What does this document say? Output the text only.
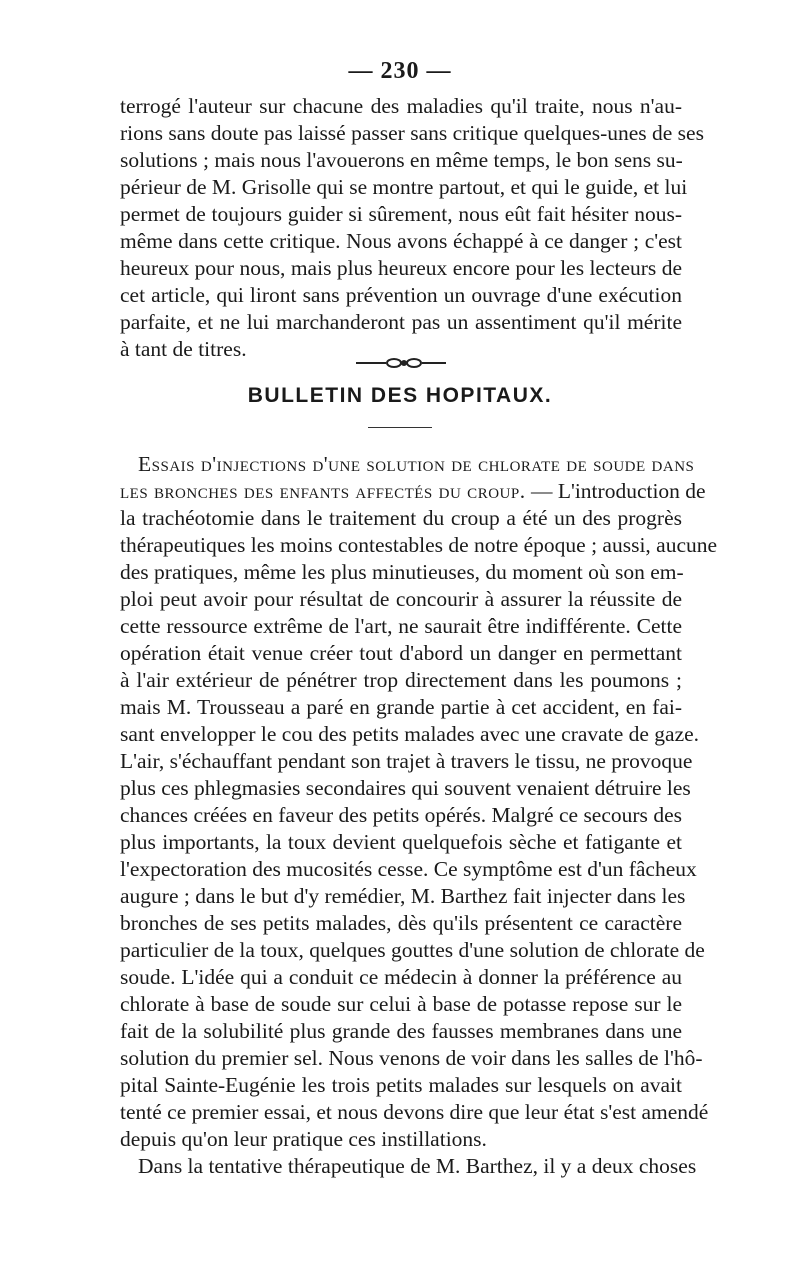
— 230 —
terrogé l'auteur sur chacune des maladies qu'il traite, nous n'au-
rions sans doute pas laissé passer sans critique quelques-unes de ses
solutions ; mais nous l'avouerons en même temps, le bon sens su-
périeur de M. Grisolle qui se montre partout, et qui le guide, et lui
permet de toujours guider si sûrement, nous eût fait hésiter nous-
même dans cette critique. Nous avons échappé à ce danger ; c'est
heureux pour nous, mais plus heureux encore pour les lecteurs de
cet article, qui liront sans prévention un ouvrage d'une exécution
parfaite, et ne lui marchanderont pas un assentiment qu'il mérite
à tant de titres.
BULLETIN DES HOPITAUX.
Essais d'injections d'une solution de chlorate de soude dans
les bronches des enfants affectés du croup. — L'introduction de
la trachéotomie dans le traitement du croup a été un des progrès
thérapeutiques les moins contestables de notre époque ; aussi, aucune
des pratiques, même les plus minutieuses, du moment où son em-
ploi peut avoir pour résultat de concourir à assurer la réussite de
cette ressource extrême de l'art, ne saurait être indifférente. Cette
opération était venue créer tout d'abord un danger en permettant
à l'air extérieur de pénétrer trop directement dans les poumons ;
mais M. Trousseau a paré en grande partie à cet accident, en fai-
sant envelopper le cou des petits malades avec une cravate de gaze.
L'air, s'échauffant pendant son trajet à travers le tissu, ne provoque
plus ces phlegmasies secondaires qui souvent venaient détruire les
chances créées en faveur des petits opérés. Malgré ce secours des
plus importants, la toux devient quelquefois sèche et fatigante et
l'expectoration des mucosités cesse. Ce symptôme est d'un fâcheux
augure ; dans le but d'y remédier, M. Barthez fait injecter dans les
bronches de ses petits malades, dès qu'ils présentent ce caractère
particulier de la toux, quelques gouttes d'une solution de chlorate de
soude. L'idée qui a conduit ce médecin à donner la préférence au
chlorate à base de soude sur celui à base de potasse repose sur le
fait de la solubilité plus grande des fausses membranes dans une
solution du premier sel. Nous venons de voir dans les salles de l'hô-
pital Sainte-Eugénie les trois petits malades sur lesquels on avait
tenté ce premier essai, et nous devons dire que leur état s'est amendé
depuis qu'on leur pratique ces instillations.
Dans la tentative thérapeutique de M. Barthez, il y a deux choses
